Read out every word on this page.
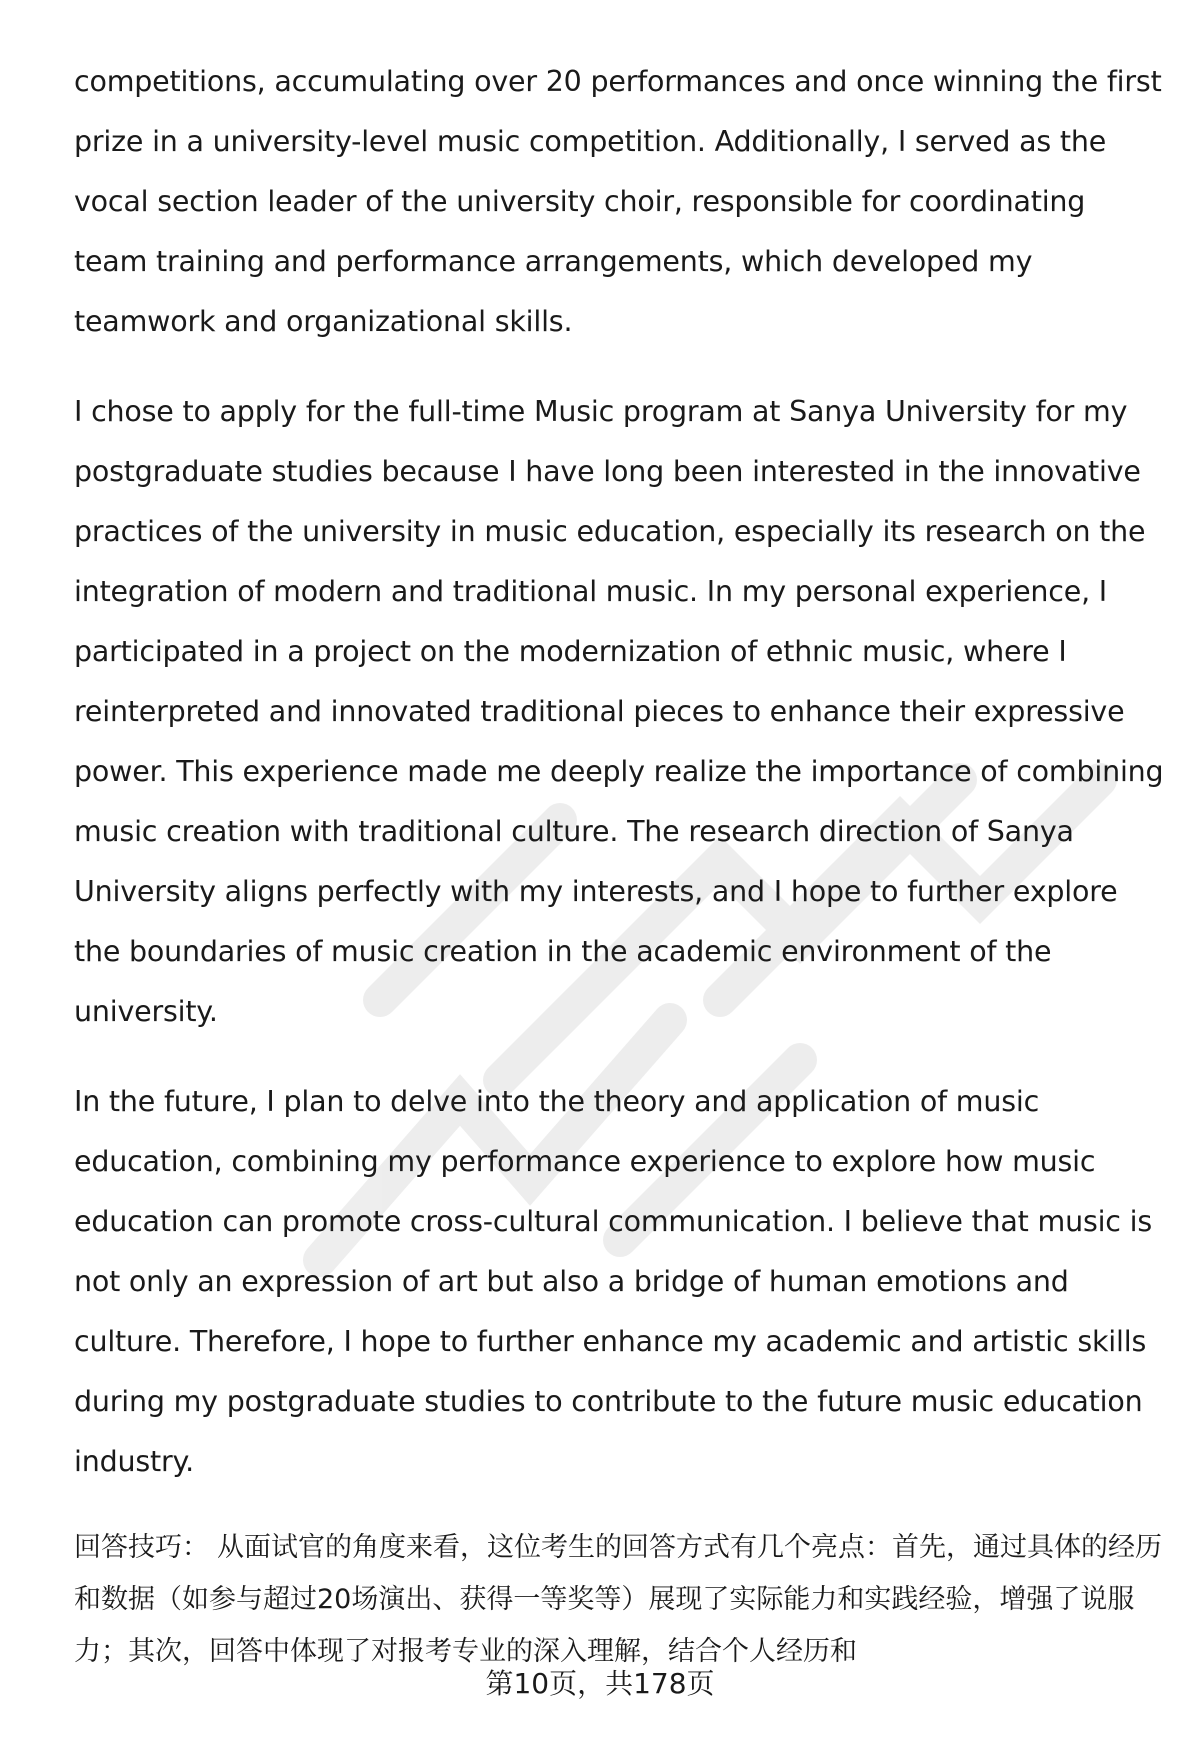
competitions, accumulating over 20 performances and once winning the first prize in a university-level music competition. Additionally, I served as the vocal section leader of the university choir, responsible for coordinating team training and performance arrangements, which developed my teamwork and organizational skills.

I chose to apply for the full-time Music program at Sanya University for my postgraduate studies because I have long been interested in the innovative practices of the university in music education, especially its research on the integration of modern and traditional music. In my personal experience, I participated in a project on the modernization of ethnic music, where I reinterpreted and innovated traditional pieces to enhance their expressive power. This experience made me deeply realize the importance of combining music creation with traditional culture. The research direction of Sanya University aligns perfectly with my interests, and I hope to further explore the boundaries of music creation in the academic environment of the university.

In the future, I plan to delve into the theory and application of music education, combining my performance experience to explore how music education can promote cross-cultural communication. I believe that music is not only an expression of art but also a bridge of human emotions and culture. Therefore, I hope to further enhance my academic and artistic skills during my postgraduate studies to contribute to the future music education industry.

回答技巧： 从面试官的角度来看，这位考生的回答方式有几个亮点：首先，通过具体的经历和数据（如参与超过20场演出、获得一等奖等）展现了实际能力和实践经验，增强了说服力；其次，回答中体现了对报考专业的深入理解，结合个人经历和

第10页，共178页
